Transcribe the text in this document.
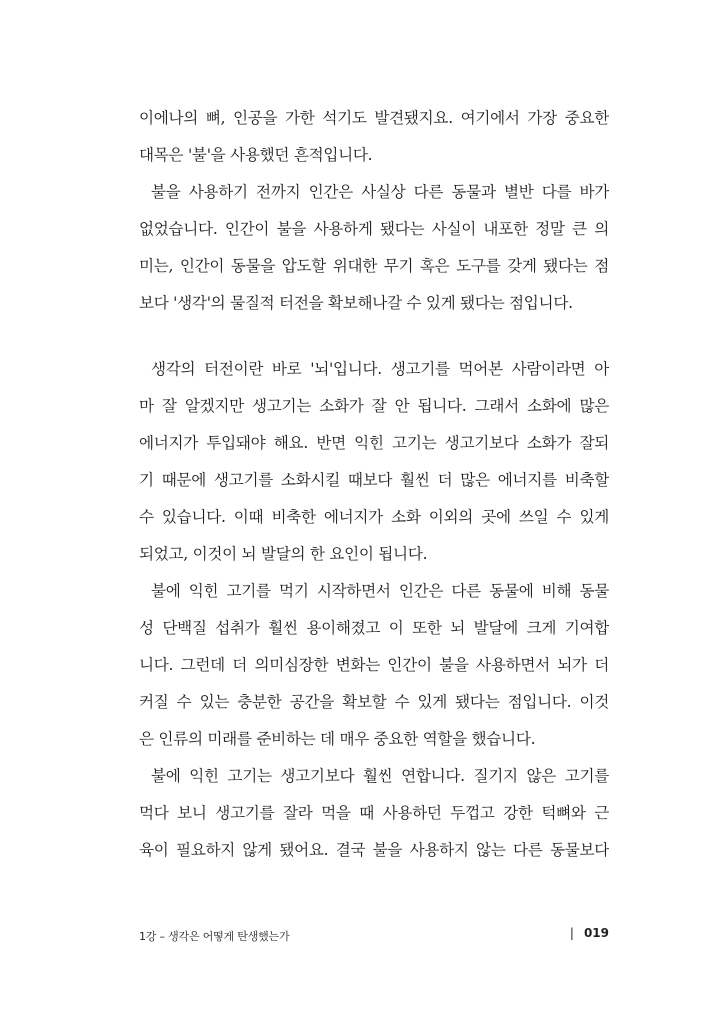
이에나의 뼈, 인공을 가한 석기도 발견됐지요. 여기에서 가장 중요한
대목은 '불'을 사용했던 흔적입니다.
불을 사용하기 전까지 인간은 사실상 다른 동물과 별반 다를 바가
없었습니다. 인간이 불을 사용하게 됐다는 사실이 내포한 정말 큰 의
미는, 인간이 동물을 압도할 위대한 무기 혹은 도구를 갖게 됐다는 점
보다 '생각'의 물질적 터전을 확보해나갈 수 있게 됐다는 점입니다.
생각의 터전이란 바로 '뇌'입니다. 생고기를 먹어본 사람이라면 아
마 잘 알겠지만 생고기는 소화가 잘 안 됩니다. 그래서 소화에 많은
에너지가 투입돼야 해요. 반면 익힌 고기는 생고기보다 소화가 잘되
기 때문에 생고기를 소화시킬 때보다 훨씬 더 많은 에너지를 비축할
수 있습니다. 이때 비축한 에너지가 소화 이외의 곳에 쓰일 수 있게
되었고, 이것이 뇌 발달의 한 요인이 됩니다.
불에 익힌 고기를 먹기 시작하면서 인간은 다른 동물에 비해 동물
성 단백질 섭취가 훨씬 용이해졌고 이 또한 뇌 발달에 크게 기여합
니다. 그런데 더 의미심장한 변화는 인간이 불을 사용하면서 뇌가 더
커질 수 있는 충분한 공간을 확보할 수 있게 됐다는 점입니다. 이것
은 인류의 미래를 준비하는 데 매우 중요한 역할을 했습니다.
불에 익힌 고기는 생고기보다 훨씬 연합니다. 질기지 않은 고기를
먹다 보니 생고기를 잘라 먹을 때 사용하던 두껍고 강한 턱뼈와 근
육이 필요하지 않게 됐어요. 결국 불을 사용하지 않는 다른 동물보다
1강 – 생각은 어떻게 탄생했는가	| 019
